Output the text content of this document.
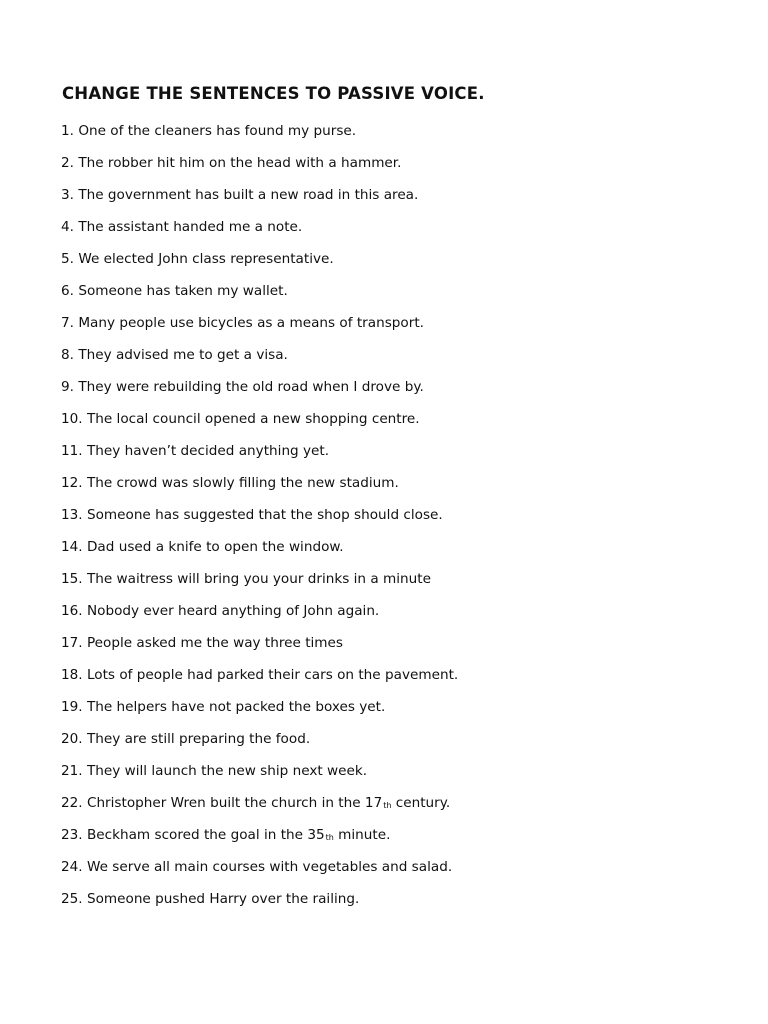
CHANGE THE SENTENCES TO PASSIVE VOICE.
1. One of the cleaners has found my purse.
2. The robber hit him on the head with a hammer.
3. The government has built a new road in this area.
4. The assistant handed me a note.
5. We elected John class representative.
6. Someone has taken my wallet.
7. Many people use bicycles as a means of transport.
8. They advised me to get a visa.
9. They were rebuilding the old road when I drove by.
10. The local council opened a new shopping centre.
11. They haven’t decided anything yet.
12. The crowd was slowly filling the new stadium.
13. Someone has suggested that the shop should close.
14. Dad used a knife to open the window.
15. The waitress will bring you your drinks in a minute
16. Nobody ever heard anything of John again.
17. People asked me the way three times
18. Lots of people had parked their cars on the pavement.
19. The helpers have not packed the boxes yet.
20. They are still preparing the food.
21. They will launch the new ship next week.
22. Christopher Wren built the church in the 17th century.
23. Beckham scored the goal in the 35th minute.
24. We serve all main courses with vegetables and salad.
25. Someone pushed Harry over the railing.
